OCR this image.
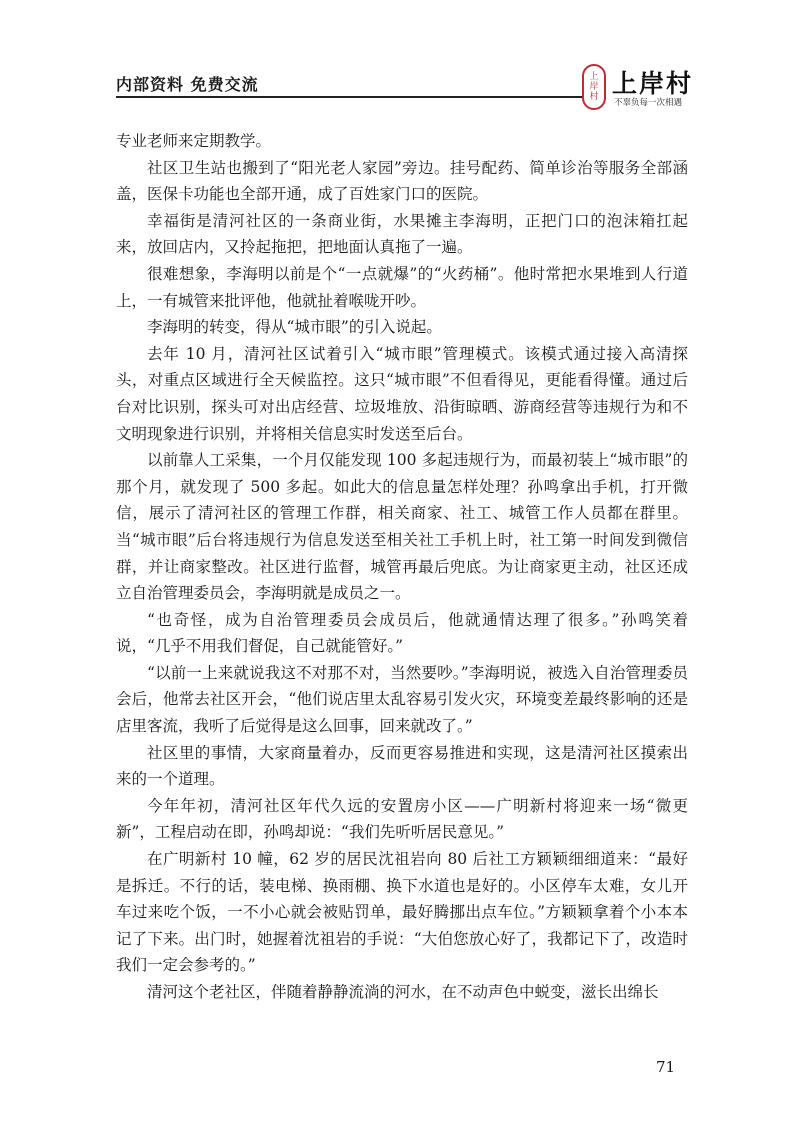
内部资料 免费交流	上
岸
村 上岸村
不辜负每一次相遇

专业老师来定期教学。

社区卫生站也搬到了“阳光老人家园”旁边。挂号配药、简单诊治等服务全部涵盖，医保卡功能也全部开通，成了百姓家门口的医院。

幸福街是清河社区的一条商业街，水果摊主李海明，正把门口的泡沫箱扛起来，放回店内，又拎起拖把，把地面认真拖了一遍。

很难想象，李海明以前是个“一点就爆”的“火药桶”。他时常把水果堆到人行道上，一有城管来批评他，他就扯着喉咙开吵。

李海明的转变，得从“城市眼”的引入说起。

去年 10 月，清河社区试着引入“城市眼”管理模式。该模式通过接入高清探头，对重点区域进行全天候监控。这只“城市眼”不但看得见，更能看得懂。通过后台对比识别，探头可对出店经营、垃圾堆放、沿街晾晒、游商经营等违规行为和不文明现象进行识别，并将相关信息实时发送至后台。

以前靠人工采集，一个月仅能发现 100 多起违规行为，而最初装上“城市眼”的那个月，就发现了 500 多起。如此大的信息量怎样处理？孙鸣拿出手机，打开微信，展示了清河社区的管理工作群，相关商家、社工、城管工作人员都在群里。当“城市眼”后台将违规行为信息发送至相关社工手机上时，社工第一时间发到微信群，并让商家整改。社区进行监督，城管再最后兜底。为让商家更主动，社区还成立自治管理委员会，李海明就是成员之一。

“也奇怪，成为自治管理委员会成员后，他就通情达理了很多。”孙鸣笑着说，“几乎不用我们督促，自己就能管好。”

“以前一上来就说我这不对那不对，当然要吵。”李海明说，被选入自治管理委员会后，他常去社区开会，“他们说店里太乱容易引发火灾，环境变差最终影响的还是店里客流，我听了后觉得是这么回事，回来就改了。”

社区里的事情，大家商量着办，反而更容易推进和实现，这是清河社区摸索出来的一个道理。

今年年初，清河社区年代久远的安置房小区——广明新村将迎来一场“微更新”，工程启动在即，孙鸣却说：“我们先听听居民意见。”

在广明新村 10 幢，62 岁的居民沈祖岩向 80 后社工方颖颖细细道来：“最好是拆迁。不行的话，装电梯、换雨棚、换下水道也是好的。小区停车太难，女儿开车过来吃个饭，一不小心就会被贴罚单，最好腾挪出点车位。”方颖颖拿着个小本本记了下来。出门时，她握着沈祖岩的手说：“大伯您放心好了，我都记下了，改造时我们一定会参考的。”

清河这个老社区，伴随着静静流淌的河水，在不动声色中蜕变，滋长出绵长

71
